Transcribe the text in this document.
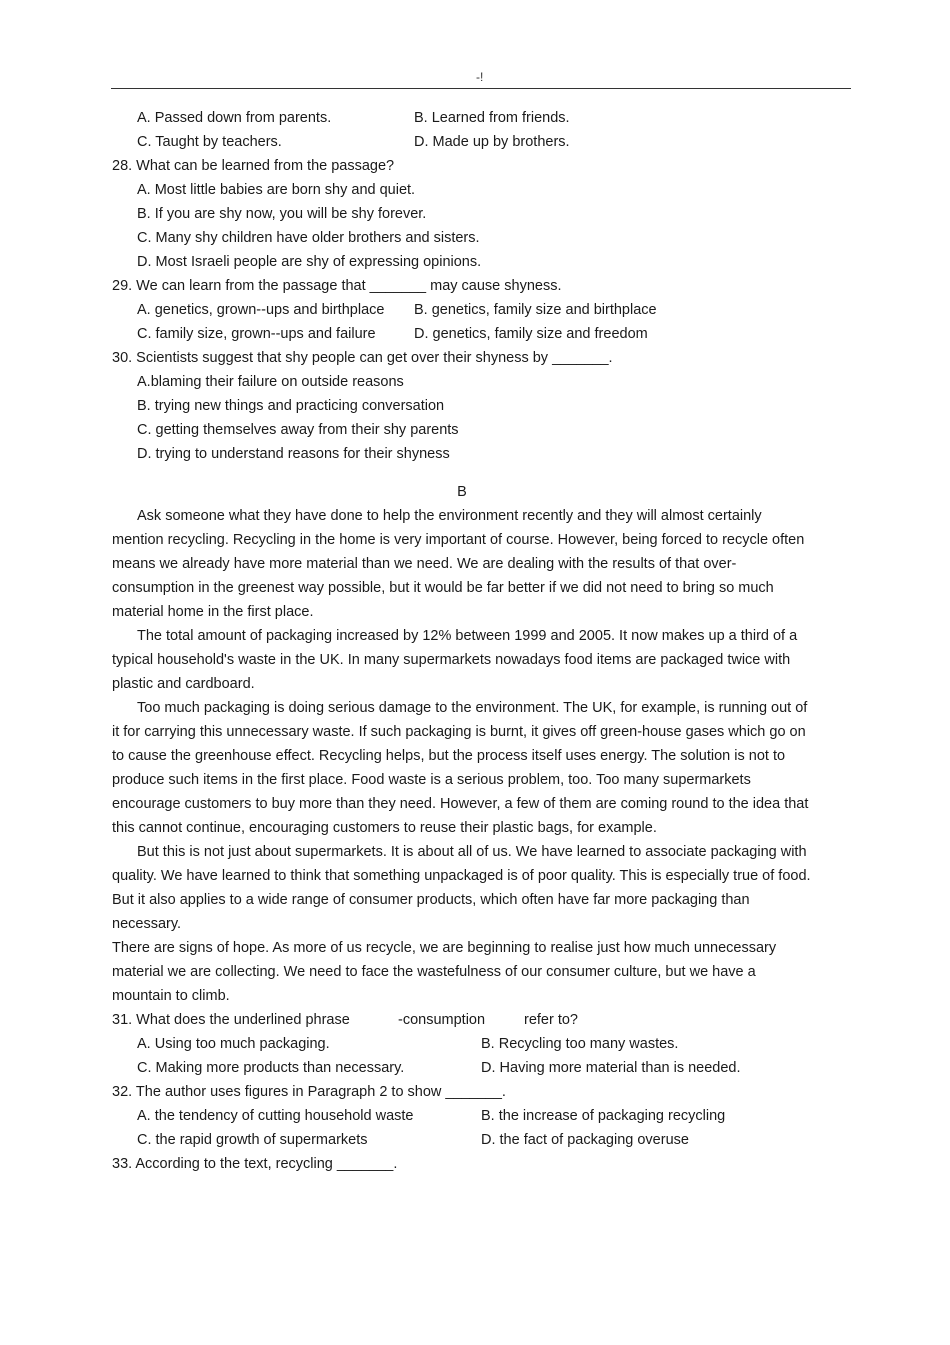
-!
A. Passed down from parents.	B. Learned from friends.
C. Taught by teachers.	D. Made up by brothers.
28. What can be learned from the passage?
A. Most little babies are born shy and quiet.
B. If you are shy now, you will be shy forever.
C. Many shy children have older brothers and sisters.
D. Most Israeli people are shy of expressing opinions.
29. We can learn from the passage that _______ may cause shyness.
A. genetics, grown--ups and birthplace B. genetics, family size and birthplace
C. family size, grown--ups and failure	D. genetics, family size and freedom
30. Scientists suggest that shy people can get over their shyness by _______.
A.blaming their failure on outside reasons
B. trying new things and practicing conversation
C. getting themselves away from their shy parents
D. trying to understand reasons for their shyness
B
Ask someone what they have done to help the environment recently and they will almost certainly mention recycling. Recycling in the home is very important of course. However, being forced to recycle often means we already have more material than we need. We are dealing with the results of that over-consumption in the greenest way possible, but it would be far better if we did not need to bring so much material home in the first place.
The total amount of packaging increased by 12% between 1999 and 2005. It now makes up a third of a typical household's waste in the UK. In many supermarkets nowadays food items are packaged twice with plastic and cardboard.
Too much packaging is doing serious damage to the environment. The UK, for example, is running out of it for carrying this unnecessary waste. If such packaging is burnt, it gives off green-house gases which go on to cause the greenhouse effect. Recycling helps, but the process itself uses energy. The solution is not to produce such items in the first place. Food waste is a serious problem, too. Too many supermarkets encourage customers to buy more than they need. However, a few of them are coming round to the idea that this cannot continue, encouraging customers to reuse their plastic bags, for example.
But this is not just about supermarkets. It is about all of us. We have learned to associate packaging with quality. We have learned to think that something unpackaged is of poor quality. This is especially true of food. But it also applies to a wide range of consumer products, which often have far more packaging than necessary.
There are signs of hope. As more of us recycle, we are beginning to realise just how much unnecessary material we are collecting. We need to face the wastefulness of our consumer culture, but we have a mountain to climb.
31. What does the underlined phrase	-consumption	refer to?
A. Using too much packaging.	B. Recycling too many wastes.
C. Making more products than necessary.	D. Having more material than is needed.
32. The author uses figures in Paragraph 2 to show _______.
A. the tendency of cutting household waste	B. the increase of packaging recycling
C. the rapid growth of supermarkets	D. the fact of packaging overuse
33. According to the text, recycling _______.
